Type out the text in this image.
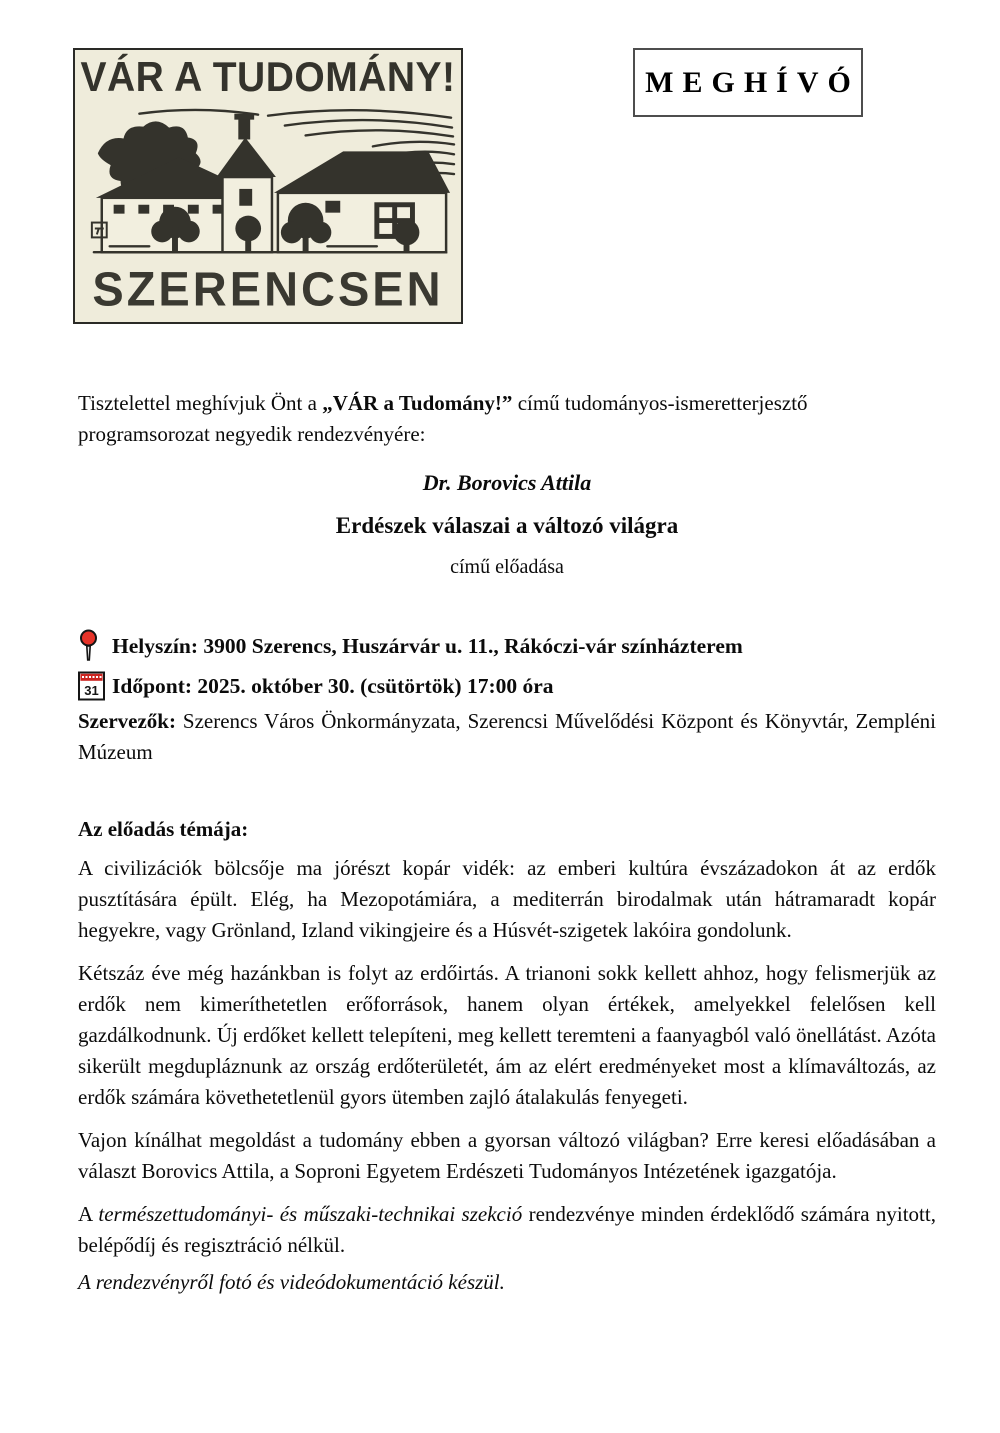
VÁR A TUDOMÁNY!
SZERENCSEN
MEGHÍVÓ

Tisztelettel meghívjuk Önt a „VÁR a Tudomány!” című tudományos-ismeretterjesztő programsorozat negyedik rendezvényére:

Dr. Borovics Attila

Erdészek válaszai a változó világra

című előadása

Helyszín: 3900 Szerencs, Huszárvár u. 11., Rákóczi-vár színházterem
31 Időpont: 2025. október 30. (csütörtök) 17:00 óra

Szervezők: Szerencs Város Önkormányzata, Szerencsi Művelődési Központ és Könyvtár, Zempléni Múzeum

Az előadás témája:

A civilizációk bölcsője ma jórészt kopár vidék: az emberi kultúra évszázadokon át az erdők pusztítására épült. Elég, ha Mezopotámiára, a mediterrán birodalmak után hátramaradt kopár hegyekre, vagy Grönland, Izland vikingjeire és a Húsvét-szigetek lakóira gondolunk.

Kétszáz éve még hazánkban is folyt az erdőirtás. A trianoni sokk kellett ahhoz, hogy felismerjük az erdők nem kimeríthetetlen erőforrások, hanem olyan értékek, amelyekkel felelősen kell gazdálkodnunk. Új erdőket kellett telepíteni, meg kellett teremteni a faanyagból való önellátást. Azóta sikerült megdupláznunk az ország erdőterületét, ám az elért eredményeket most a klímaváltozás, az erdők számára követhetetlenül gyors ütemben zajló átalakulás fenyegeti.

Vajon kínálhat megoldást a tudomány ebben a gyorsan változó világban? Erre keresi előadásában a választ Borovics Attila, a Soproni Egyetem Erdészeti Tudományos Intézetének igazgatója.

A természettudományi- és műszaki-technikai szekció rendezvénye minden érdeklődő számára nyitott, belépődíj és regisztráció nélkül.

A rendezvényről fotó és videódokumentáció készül.
